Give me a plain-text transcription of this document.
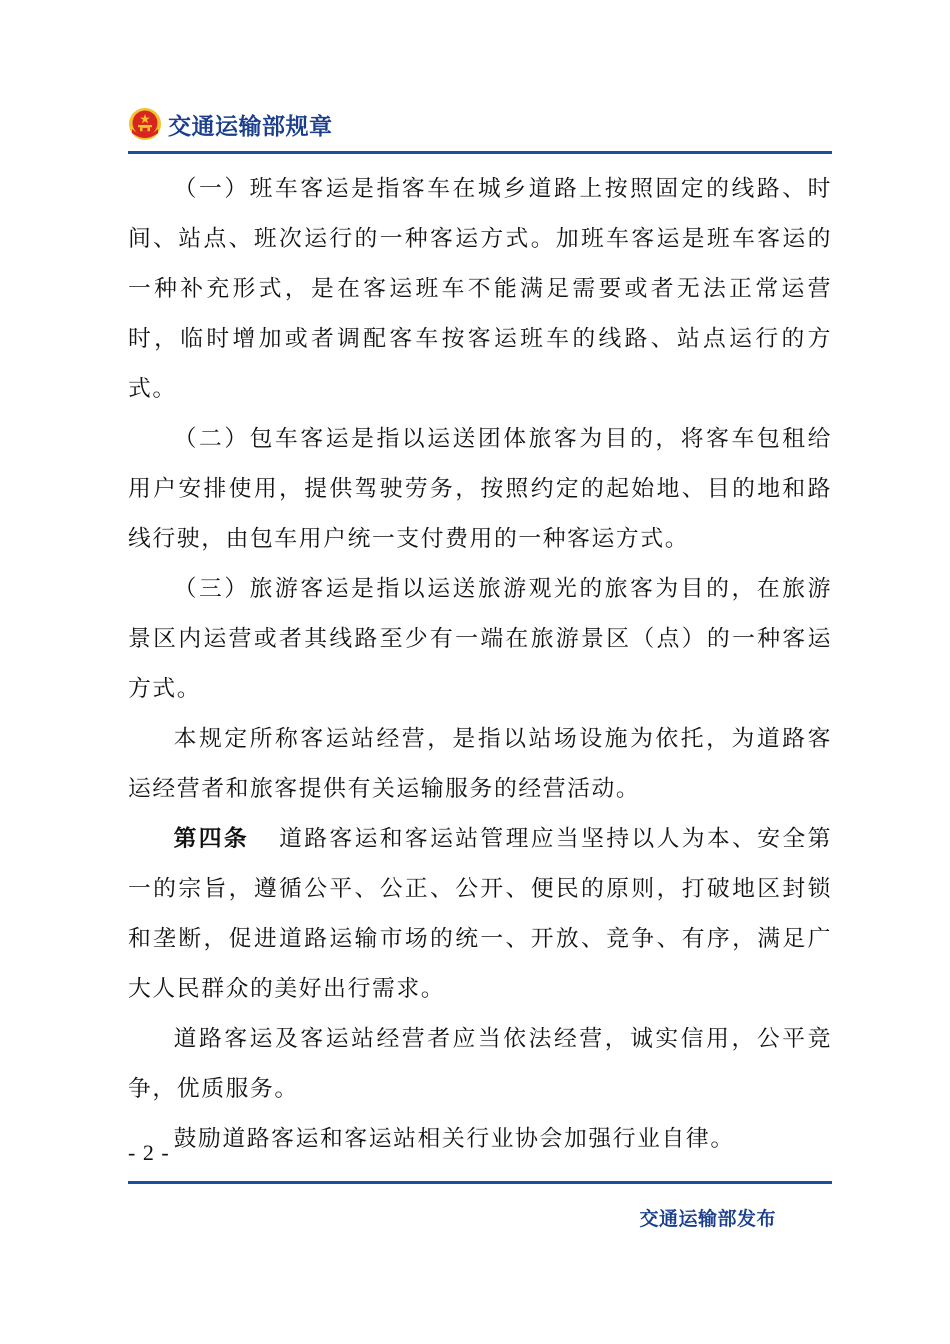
交通运输部规章

（一）班车客运是指客车在城乡道路上按照固定的线路、时间、站点、班次运行的一种客运方式。加班车客运是班车客运的一种补充形式，是在客运班车不能满足需要或者无法正常运营时，临时增加或者调配客车按客运班车的线路、站点运行的方式。

（二）包车客运是指以运送团体旅客为目的，将客车包租给用户安排使用，提供驾驶劳务，按照约定的起始地、目的地和路线行驶，由包车用户统一支付费用的一种客运方式。

（三）旅游客运是指以运送旅游观光的旅客为目的，在旅游景区内运营或者其线路至少有一端在旅游景区（点）的一种客运方式。

本规定所称客运站经营，是指以站场设施为依托，为道路客运经营者和旅客提供有关运输服务的经营活动。

第四条 道路客运和客运站管理应当坚持以人为本、安全第一的宗旨，遵循公平、公正、公开、便民的原则，打破地区封锁和垄断，促进道路运输市场的统一、开放、竞争、有序，满足广大人民群众的美好出行需求。

道路客运及客运站经营者应当依法经营，诚实信用，公平竞争，优质服务。

鼓励道路客运和客运站相关行业协会加强行业自律。

- 2 -
交通运输部发布
